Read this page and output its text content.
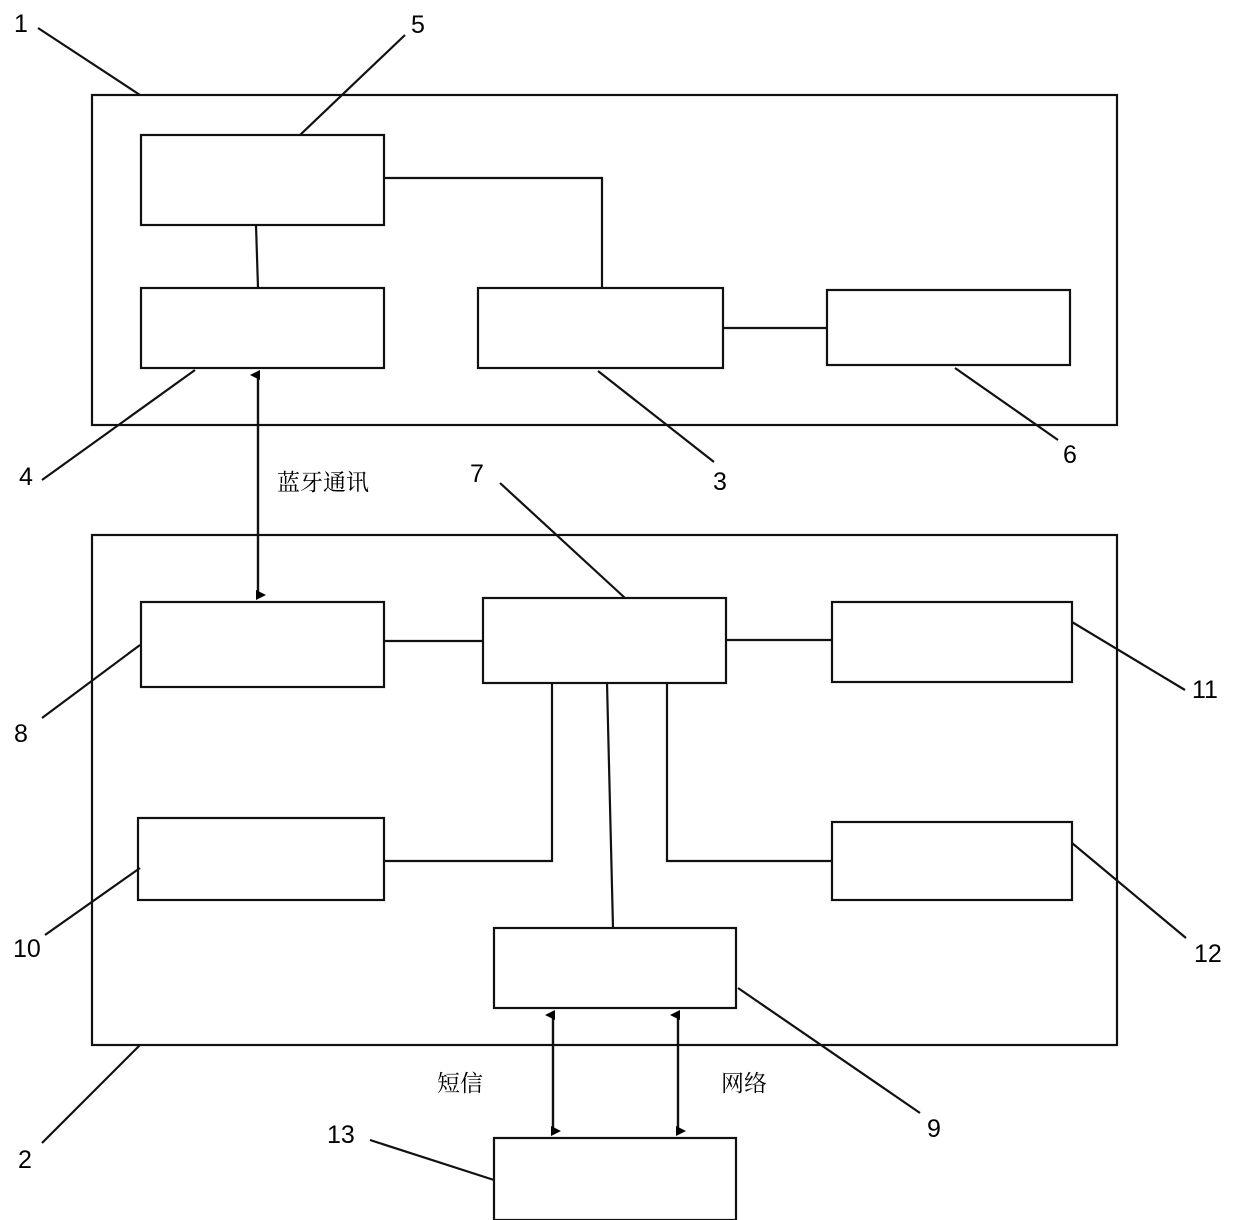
1	5
4	3
6
7
8
11
10	12
9
2
13
蓝牙通讯
短信	网络
